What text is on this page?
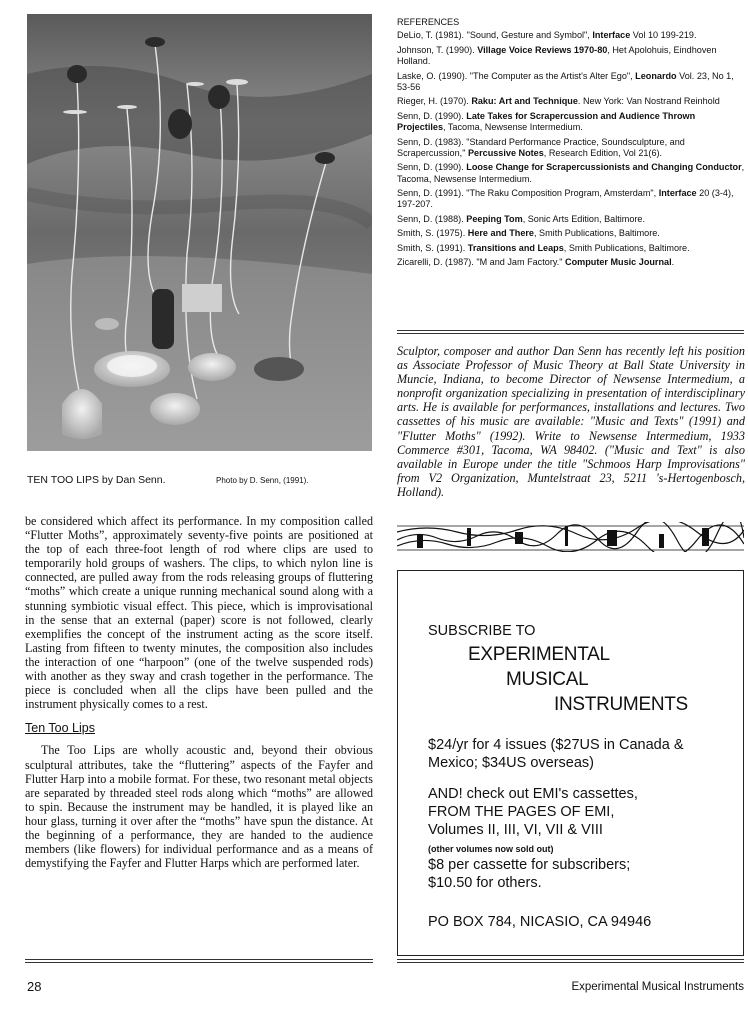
TEN TOO LIPS by Dan Senn.	Photo by D. Senn, (1991).

be considered which affect its performance. In my composition called “Flutter Moths”, approximately seventy-five points are positioned at the top of each three-foot length of rod where clips are used to temporarily hold groups of washers. The clips, to which nylon line is connected, are pulled away from the rods releasing groups of fluttering “moths” which create a unique running mechanical sound along with a stunning symbiotic visual effect. This piece, which is improvisational in the sense that an external (paper) score is not followed, clearly exemplifies the concept of the instrument acting as the score itself. Lasting from fifteen to twenty minutes, the composition also includes the interaction of one “harpoon” (one of the twelve suspended rods) with another as they sway and crash together in the performance. The piece is concluded when all the clips have been pulled and the instrument physically comes to a rest.

Ten Too Lips

The Too Lips are wholly acoustic and, beyond their obvious sculptural attributes, take the “fluttering” aspects of the Fayfer and Flutter Harp into a mobile format. For these, two resonant metal objects are separated by threaded steel rods along which “moths” are allowed to spin. Because the instrument may be handled, it is played like an hour glass, turning it over after the “moths” have spun the distance. At the beginning of a performance, they are handed to the audience members (like flowers) for individual performance and as a means of demystifying the Fayfer and Flutter Harps which are performed later.

REFERENCES
DeLio, T. (1981). "Sound, Gesture and Symbol", Interface Vol 10 199-219.
Johnson, T. (1990). Village Voice Reviews 1970-80, Het Apolohuis, Eindhoven Holland.
Laske, O. (1990). "The Computer as the Artist's Alter Ego", Leonardo Vol. 23, No 1, 53-56
Rieger, H. (1970). Raku: Art and Technique. New York: Van Nostrand Reinhold
Senn, D. (1990). Late Takes for Scrapercussion and Audience Thrown Projectiles, Tacoma, Newsense Intermedium.
Senn, D. (1983). "Standard Performance Practice, Soundsculpture, and Scrapercussion," Percussive Notes, Research Edition, Vol 21(6).
Senn, D. (1990). Loose Change for Scrapercussionists and Changing Conductor, Tacoma, Newsense Intermedium.
Senn, D. (1991). "The Raku Composition Program, Amsterdam", Interface 20 (3-4), 197-207.
Senn, D. (1988). Peeping Tom, Sonic Arts Edition, Baltimore.
Smith, S. (1975). Here and There, Smith Publications, Baltimore.
Smith, S. (1991). Transitions and Leaps, Smith Publications, Baltimore.
Zicarelli, D. (1987). "M and Jam Factory." Computer Music Journal.
Sculptor, composer and author Dan Senn has recently left his position as Associate Professor of Music Theory at Ball State University in Muncie, Indiana, to become Director of Newsense Intermedium, a nonprofit organization specializing in presentation of interdisciplinary arts. He is available for performances, installations and lectures. Two cassettes of his music are available: "Music and Texts" (1991) and "Flutter Moths" (1992). Write to Newsense Intermedium, 1933 Commerce #301, Tacoma, WA 98402. ("Music and Text" is also available in Europe under the title "Schmoos Harp Improvisations" from V2 Organization, Muntelstraat 23, 5211 's-Hertogenbosch, Holland).
SUBSCRIBE TO
EXPERIMENTAL
MUSICAL
INSTRUMENTS
$24/yr for 4 issues ($27US in Canada & Mexico; $34US overseas)
AND! check out EMI's cassettes,
FROM THE PAGES OF EMI,
Volumes II, III, VI, VII & VIII
(other volumes now sold out)
$8 per cassette for subscribers;
$10.50 for others.
PO BOX 784, NICASIO, CA 94946
28	Experimental Musical Instruments
